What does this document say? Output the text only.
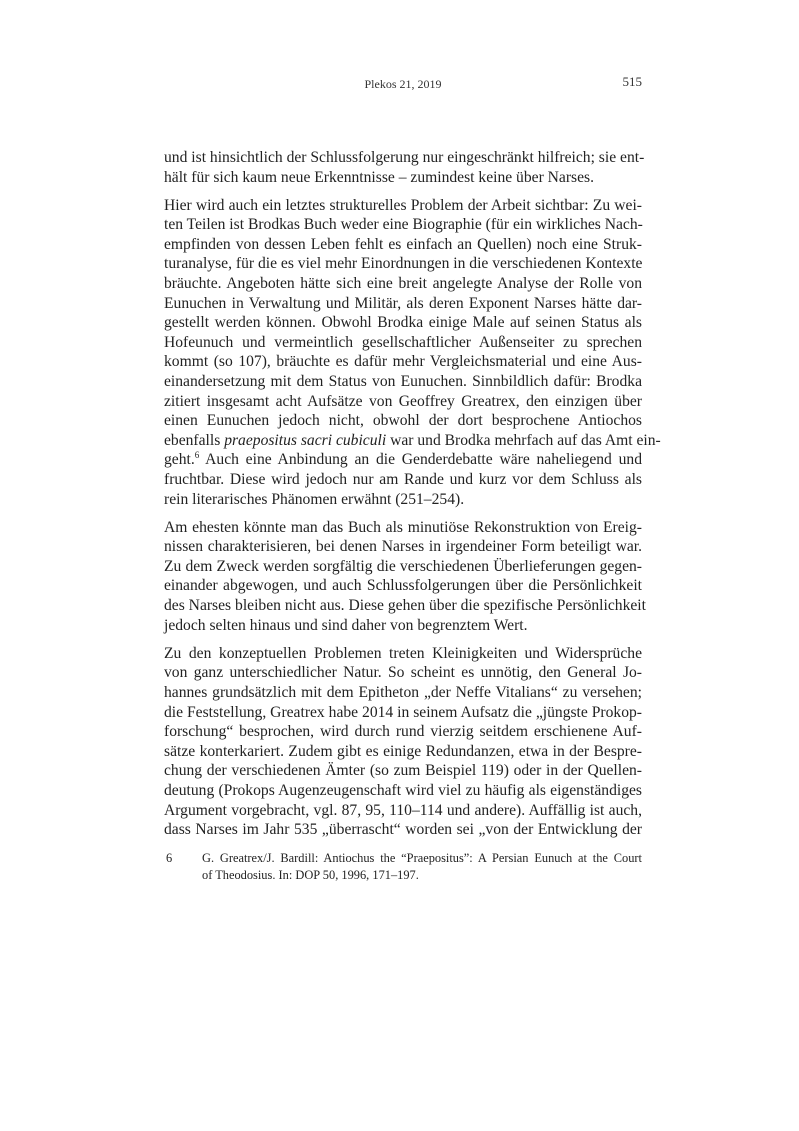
Plekos 21, 2019	515
und ist hinsichtlich der Schlussfolgerung nur eingeschränkt hilfreich; sie ent-
hält für sich kaum neue Erkenntnisse – zumindest keine über Narses.
Hier wird auch ein letztes strukturelles Problem der Arbeit sichtbar: Zu wei-
ten Teilen ist Brodkas Buch weder eine Biographie (für ein wirkliches Nach-
empfinden von dessen Leben fehlt es einfach an Quellen) noch eine Struk-
turanalyse, für die es viel mehr Einordnungen in die verschiedenen Kontexte
bräuchte. Angeboten hätte sich eine breit angelegte Analyse der Rolle von
Eunuchen in Verwaltung und Militär, als deren Exponent Narses hätte dar-
gestellt werden können. Obwohl Brodka einige Male auf seinen Status als
Hofeunuch und vermeintlich gesellschaftlicher Außenseiter zu sprechen
kommt (so 107), bräuchte es dafür mehr Vergleichsmaterial und eine Aus-
einandersetzung mit dem Status von Eunuchen. Sinnbildlich dafür: Brodka
zitiert insgesamt acht Aufsätze von Geoffrey Greatrex, den einzigen über
einen Eunuchen jedoch nicht, obwohl der dort besprochene Antiochos
ebenfalls praepositus sacri cubiculi war und Brodka mehrfach auf das Amt ein-
geht.$^6$ Auch eine Anbindung an die Genderdebatte wäre naheliegend und
fruchtbar. Diese wird jedoch nur am Rande und kurz vor dem Schluss als
rein literarisches Phänomen erwähnt (251–254).
Am ehesten könnte man das Buch als minutiöse Rekonstruktion von Ereig-
nissen charakterisieren, bei denen Narses in irgendeiner Form beteiligt war.
Zu dem Zweck werden sorgfältig die verschiedenen Überlieferungen gegen-
einander abgewogen, und auch Schlussfolgerungen über die Persönlichkeit
des Narses bleiben nicht aus. Diese gehen über die spezifische Persönlichkeit
jedoch selten hinaus und sind daher von begrenztem Wert.
Zu den konzeptuellen Problemen treten Kleinigkeiten und Widersprüche
von ganz unterschiedlicher Natur. So scheint es unnötig, den General Jo-
hannes grundsätzlich mit dem Epitheton „der Neffe Vitalians“ zu versehen;
die Feststellung, Greatrex habe 2014 in seinem Aufsatz die „jüngste Prokop-
forschung“ besprochen, wird durch rund vierzig seitdem erschienene Auf-
sätze konterkariert. Zudem gibt es einige Redundanzen, etwa in der Bespre-
chung der verschiedenen Ämter (so zum Beispiel 119) oder in der Quellen-
deutung (Prokops Augenzeugenschaft wird viel zu häufig als eigenständiges
Argument vorgebracht, vgl. 87, 95, 110–114 und andere). Auffällig ist auch,
dass Narses im Jahr 535 „überrascht“ worden sei „von der Entwicklung der
6 G. Greatrex/J. Bardill: Antiochus the “Praepositus”: A Persian Eunuch at the Court
of Theodosius. In: DOP 50, 1996, 171–197.
